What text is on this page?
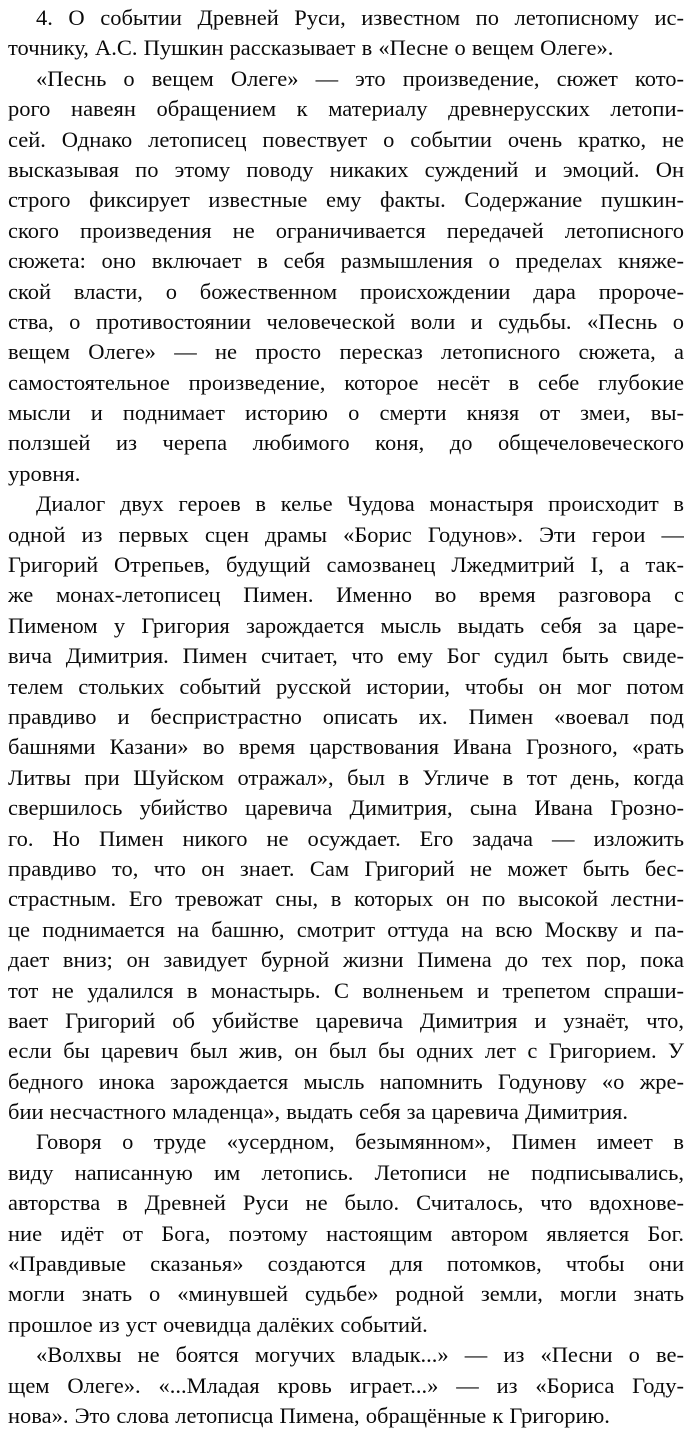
4. О событии Древней Руси, известном по летописному ис-
точнику, А.С. Пушкин рассказывает в «Песне о вещем Олеге».

«Песнь о вещем Олеге» — это произведение, сюжет кото-
рого навеян обращением к материалу древнерусских летопи-
сей. Однако летописец повествует о событии очень кратко, не
высказывая по этому поводу никаких суждений и эмоций. Он
строго фиксирует известные ему факты. Содержание пушкин-
ского произведения не ограничивается передачей летописного
сюжета: оно включает в себя размышления о пределах княже-
ской власти, о божественном происхождении дара пророче-
ства, о противостоянии человеческой воли и судьбы. «Песнь о
вещем Олеге» — не просто пересказ летописного сюжета, а
самостоятельное произведение, которое несёт в себе глубокие
мысли и поднимает историю о смерти князя от змеи, вы-
ползшей из черепа любимого коня, до общечеловеческого
уровня.

Диалог двух героев в келье Чудова монастыря происходит в
одной из первых сцен драмы «Борис Годунов». Эти герои —
Григорий Отрепьев, будущий самозванец Лжедмитрий I, а так-
же монах-летописец Пимен. Именно во время разговора с
Пименом у Григория зарождается мысль выдать себя за царе-
вича Димитрия. Пимен считает, что ему Бог судил быть свиде-
телем стольких событий русской истории, чтобы он мог потом
правдиво и беспристрастно описать их. Пимен «воевал под
башнями Казани» во время царствования Ивана Грозного, «рать
Литвы при Шуйском отражал», был в Угличе в тот день, когда
свершилось убийство царевича Димитрия, сына Ивана Грозно-
го. Но Пимен никого не осуждает. Его задача — изложить
правдиво то, что он знает. Сам Григорий не может быть бес-
страстным. Его тревожат сны, в которых он по высокой лестни-
це поднимается на башню, смотрит оттуда на всю Москву и па-
дает вниз; он завидует бурной жизни Пимена до тех пор, пока
тот не удалился в монастырь. С волненьем и трепетом спраши-
вает Григорий об убийстве царевича Димитрия и узнаёт, что,
если бы царевич был жив, он был бы одних лет с Григорием. У
бедного инока зарождается мысль напомнить Годунову «о жре-
бии несчастного младенца», выдать себя за царевича Димитрия.

Говоря о труде «усердном, безымянном», Пимен имеет в
виду написанную им летопись. Летописи не подписывались,
авторства в Древней Руси не было. Считалось, что вдохнове-
ние идёт от Бога, поэтому настоящим автором является Бог.
«Правдивые сказанья» создаются для потомков, чтобы они
могли знать о «минувшей судьбе» родной земли, могли знать
прошлое из уст очевидца далёких событий.

«Волхвы не боятся могучих владык...» — из «Песни о ве-
щем Олеге». «...Младая кровь играет...» — из «Бориса Году-
нова». Это слова летописца Пимена, обращённые к Григорию.
